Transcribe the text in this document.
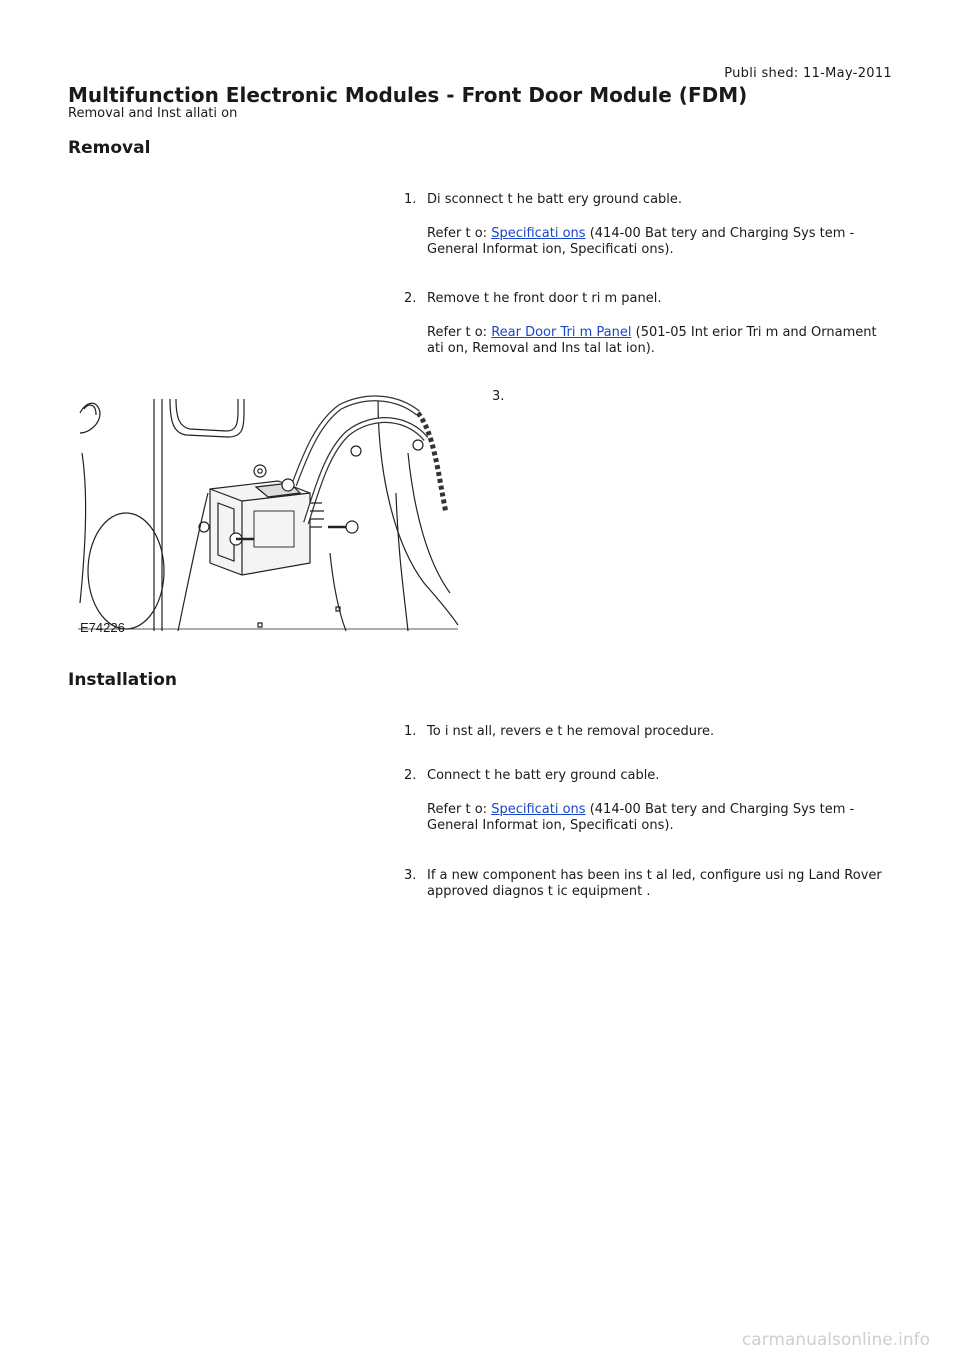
Publi shed: 11-May-2011
Multifunction Electronic Modules - Front Door Module (FDM)
Removal and Inst allati on
Removal
1. Di sconnect t he batt ery ground cable.
Refer t o: Specificati ons (414-00 Bat tery and Charging Sys tem - General Informat ion, Specificati ons).
2. Remove t he front door t ri m panel.
Refer t o: Rear Door Tri m Panel (501-05 Int erior Tri m and Ornament ati on, Removal and Ins tal lat ion).
3.
E74226
Installation
1. To i nst all, revers e t he removal procedure.
2. Connect t he batt ery ground cable.
Refer t o: Specificati ons (414-00 Bat tery and Charging Sys tem - General Informat ion, Specificati ons).
3. If a new component has been ins t al led, configure usi ng Land Rover approved diagnos t ic equipment .
carmanualsonline.info
